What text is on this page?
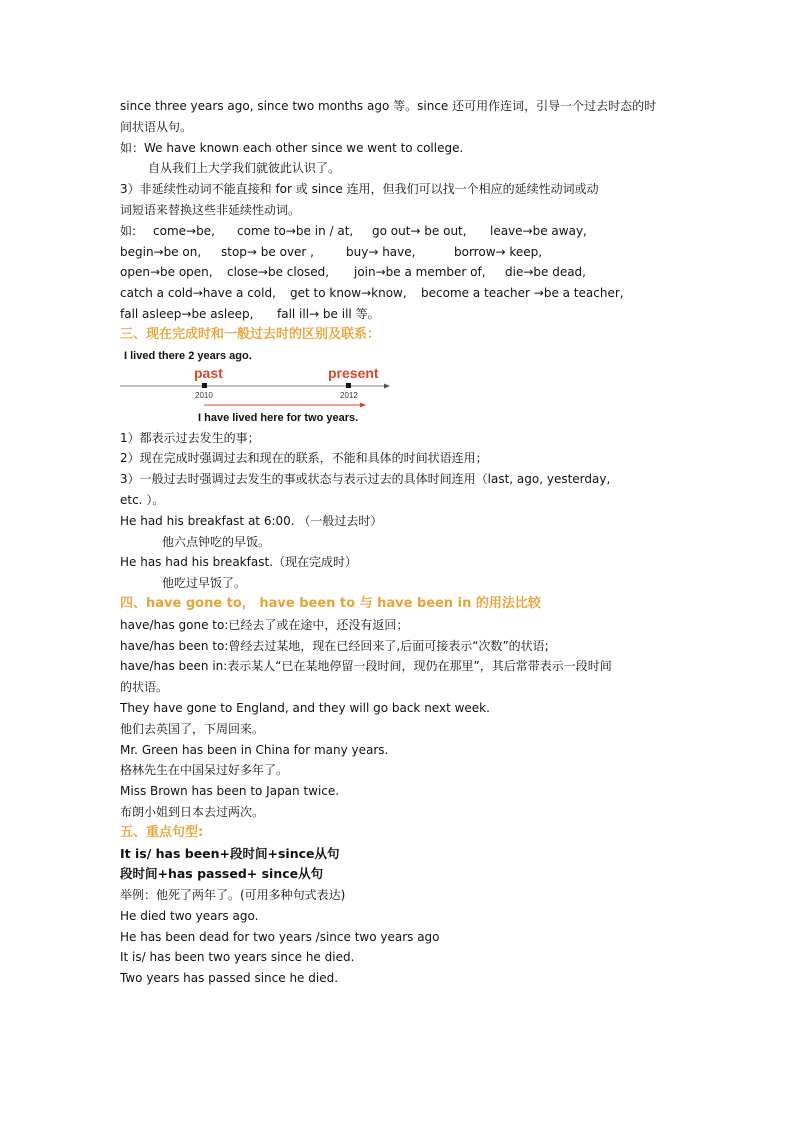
since three years ago, since two months ago 等。since 还可用作连词，引导一个过去时态的时
间状语从句。
如：We have known each other since we went to college.
自从我们上大学我们就彼此认识了。
3）非延续性动词不能直接和 for 或 since 连用，但我们可以找一个相应的延续性动词或动
词短语来替换这些非延续性动词。
如: come→be, come to→be in / at, go out→ be out, leave→be away,
begin→be on, stop→ be over ,	buy→ have,	borrow→ keep,
open→be open, close→be closed, join→be a member of, die→be dead,
catch a cold→have a cold, get to know→know, become a teacher →be a teacher,
fall asleep→be asleep, fall ill→ be ill 等。
三、现在完成时和一般过去时的区别及联系：
I lived there 2 years ago.
past	present
2010	2012
I have lived here for two years.
1）都表示过去发生的事；
2）现在完成时强调过去和现在的联系，不能和具体的时间状语连用；
3）一般过去时强调过去发生的事或状态与表示过去的具体时间连用（last, ago, yesterday,
etc. ）。
He had his breakfast at 6:00. （一般过去时）
他六点钟吃的早饭。
He has had his breakfast.（现在完成时）
他吃过早饭了。
四、have gone to， have been to 与 have been in 的用法比较
have/has gone to:已经去了或在途中，还没有返回；
have/has been to:曾经去过某地，现在已经回来了,后面可接表示“次数”的状语;
have/has been in:表示某人“已在某地停留一段时间，现仍在那里”，其后常带表示一段时间
的状语。
They have gone to England, and they will go back next week.
他们去英国了，下周回来。
Mr. Green has been in China for many years.
格林先生在中国呆过好多年了。
Miss Brown has been to Japan twice.
布朗小姐到日本去过两次。
五、重点句型:
It is/ has been+段时间+since从句
段时间+has passed+ since从句
举例：他死了两年了。(可用多种句式表达)
He died two years ago.
He has been dead for two years /since two years ago
It is/ has been two years since he died.
Two years has passed since he died.
